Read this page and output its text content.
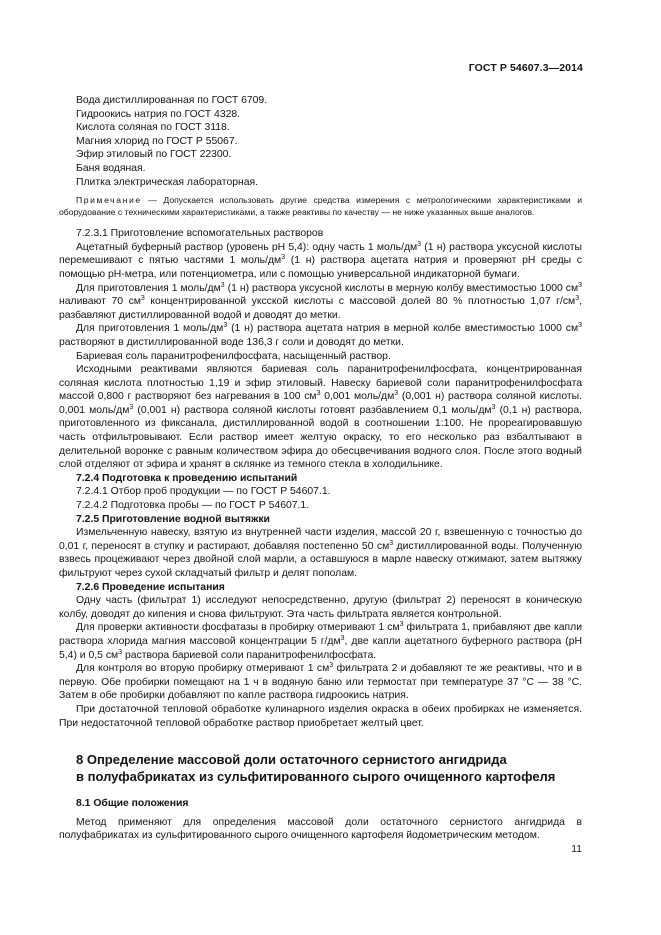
ГОСТ Р 54607.3—2014

Вода дистиллированная по ГОСТ 6709.

Гидроокись натрия по ГОСТ 4328.

Кислота соляная по ГОСТ 3118.

Магния хлорид по ГОСТ Р 55067.

Эфир этиловый по ГОСТ 22300.

Баня водяная.

Плитка электрическая лабораторная.

Примечание — Допускается использовать другие средства измерения с метрологическими характеристиками и оборудование с техническими характеристиками, а также реактивы по качеству — не ниже указанных выше аналогов.

7.2.3.1 Приготовление вспомогательных растворов

Ацетатный буферный раствор (уровень pH 5,4): одну часть 1 моль/$дм^3$ (1 н) раствора уксусной кислоты перемешивают с пятью частями 1 моль/$дм^3$ (1 н) раствора ацетата натрия и проверяют pH среды с помощью pH-метра, или потенциометра, или с помощью универсальной индикаторной бумаги.

Для приготовления 1 моль/$дм^3$ (1 н) раствора уксусной кислоты в мерную колбу вместимостью 1000 $см^3$ наливают 70 $см^3$ концентрированной уксской кислоты с массовой долей 80 % плотностью 1,07 $г/см^3$, разбавляют дистиллированной водой и доводят до метки.

Для приготовления 1 моль/$дм^3$ (1 н) раствора ацетата натрия в мерной колбе вместимостью 1000 $см^3$ растворяют в дистиллированной воде 136,3 г соли и доводят до метки.

Бариевая соль паранитрофенилфосфата, насыщенный раствор.

Исходными реактивами являются бариевая соль паранитрофенилфосфата, концентрированная соляная кислота плотностью 1,19 и эфир этиловый. Навеску бариевой соли паранитрофенилфосфата массой 0,800 г растворяют без нагревания в 100 $см^3$ 0,001 моль/$дм^3$ (0,001 н) раствора соляной кислоты. 0,001 моль/$дм^3$ (0,001 н) раствора соляной кислоты готовят разбавлением 0,1 моль/$дм^3$ (0,1 н) раствора, приготовленного из фиксанала, дистиллированной водой в соотношении 1:100. Не прореагировавшую часть отфильтровывают. Если раствор имеет желтую окраску, то его несколько раз взбалтывают в делительной воронке с равным количеством эфира до обесцвечивания водного слоя. После этого водный слой отделяют от эфира и хранят в склянке из темного стекла в холодильнике.

7.2.4 Подготовка к проведению испытаний

7.2.4.1 Отбор проб продукции — по ГОСТ Р 54607.1.

7.2.4.2 Подготовка пробы — по ГОСТ Р 54607.1.

7.2.5 Приготовление водной вытяжки

Измельченную навеску, взятую из внутренней части изделия, массой 20 г, взвешенную с точностью до 0,01 г, переносят в ступку и растирают, добавляя постепенно 50 $см^3$ дистиллированной воды. Полученную взвесь процеживают через двойной слой марли, а оставшуюся в марле навеску отжимают, затем вытяжку фильтруют через сухой складчатый фильтр и делят пополам.

7.2.6 Проведение испытания

Одну часть (фильтрат 1) исследуют непосредственно, другую (фильтрат 2) переносят в коническую колбу, доводят до кипения и снова фильтруют. Эта часть фильтрата является контрольной.

Для проверки активности фосфатазы в пробирку отмеривают 1 $см^3$ фильтрата 1, прибавляют две капли раствора хлорида магния массовой концентрации 5 $г/дм^3$, две капли ацетатного буферного раствора (pH 5,4) и 0,5 $см^3$ раствора бариевой соли паранитрофенилфосфата.

Для контроля во вторую пробирку отмеривают 1 $см^3$ фильтрата 2 и добавляют те же реактивы, что и в первую. Обе пробирки помещают на 1 ч в водяную баню или термостат при температуре 37 °С — 38 °С. Затем в обе пробирки добавляют по капле раствора гидроокись натрия.

При достаточной тепловой обработке кулинарного изделия окраска в обеих пробирках не изменяется. При недостаточной тепловой обработке раствор приобретает желтый цвет.

8 Определение массовой доли остаточного сернистого ангидрида
в полуфабрикатах из сульфитированного сырого очищенного картофеля

8.1 Общие положения

Метод применяют для определения массовой доли остаточного сернистого ангидрида в полуфабрикатах из сульфитированного сырого очищенного картофеля йодометрическим методом.

11
